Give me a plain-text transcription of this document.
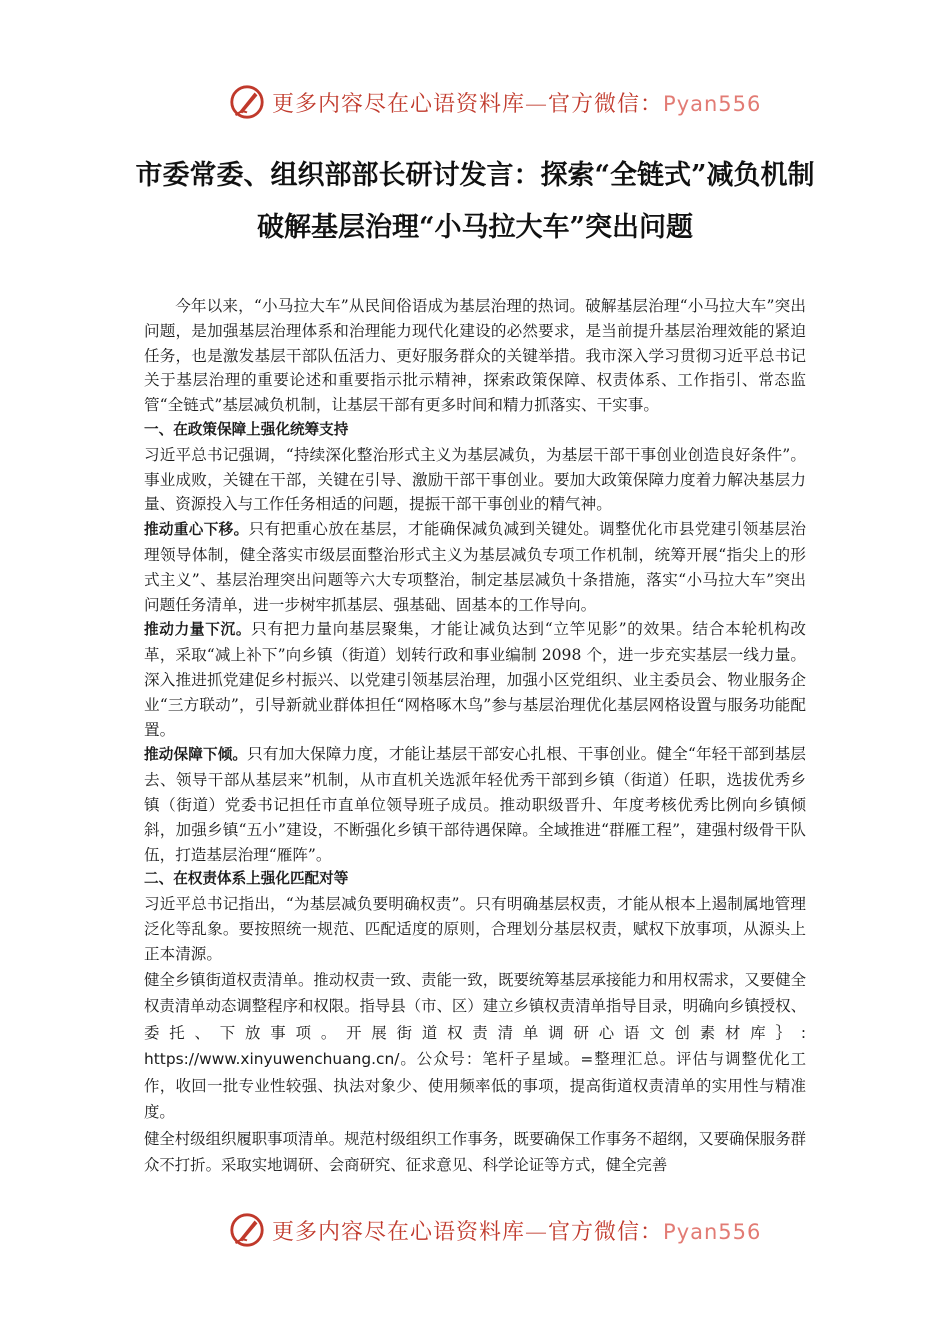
更多内容尽在心语资料库—官方微信：Pyan556
市委常委、组织部部长研讨发言：探索“全链式”减负机制　破解基层治理“小马拉大车”突出问题

今年以来，“小马拉大车”从民间俗语成为基层治理的热词。破解基层治理“小马拉大车”突出问题，是加强基层治理体系和治理能力现代化建设的必然要求，是当前提升基层治理效能的紧迫任务，也是激发基层干部队伍活力、更好服务群众的关键举措。我市深入学习贯彻习近平总书记关于基层治理的重要论述和重要指示批示精神，探索政策保障、权责体系、工作指引、常态监管“全链式”基层减负机制，让基层干部有更多时间和精力抓落实、干实事。

一、在政策保障上强化统筹支持

习近平总书记强调，“持续深化整治形式主义为基层减负，为基层干部干事创业创造良好条件”。事业成败，关键在干部，关键在引导、激励干部干事创业。要加大政策保障力度着力解决基层力量、资源投入与工作任务相适的问题，提振干部干事创业的精气神。

推动重心下移。只有把重心放在基层，才能确保减负减到关键处。调整优化市县党建引领基层治理领导体制，健全落实市级层面整治形式主义为基层减负专项工作机制，统筹开展“指尖上的形式主义”、基层治理突出问题等六大专项整治，制定基层减负十条措施，落实“小马拉大车”突出问题任务清单，进一步树牢抓基层、强基础、固基本的工作导向。

推动力量下沉。只有把力量向基层聚集，才能让减负达到“立竿见影”的效果。结合本轮机构改革，采取“减上补下”向乡镇（街道）划转行政和事业编制 2098 个，进一步充实基层一线力量。深入推进抓党建促乡村振兴、以党建引领基层治理，加强小区党组织、业主委员会、物业服务企业“三方联动”，引导新就业群体担任“网格啄木鸟”参与基层治理优化基层网格设置与服务功能配置。

推动保障下倾。只有加大保障力度，才能让基层干部安心扎根、干事创业。健全“年轻干部到基层去、领导干部从基层来”机制，从市直机关选派年轻优秀干部到乡镇（街道）任职，选拔优秀乡镇（街道）党委书记担任市直单位领导班子成员。推动职级晋升、年度考核优秀比例向乡镇倾斜，加强乡镇“五小”建设，不断强化乡镇干部待遇保障。全域推进“群雁工程”，建强村级骨干队伍，打造基层治理“雁阵”。

二、在权责体系上强化匹配对等

习近平总书记指出，“为基层减负要明确权责”。只有明确基层权责，才能从根本上遏制属地管理泛化等乱象。要按照统一规范、匹配适度的原则，合理划分基层权责，赋权下放事项，从源头上正本清源。

健全乡镇街道权责清单。推动权责一致、责能一致，既要统筹基层承接能力和用权需求，又要健全权责清单动态调整程序和权限。指导县（市、区）建立乡镇权责清单指导目录，明确向乡镇授权、委托、下放事项。开展街道权责清单调研心语文创素材库｝: https://www.xinyuwenchuang.cn/。公众号：笔杆子星域。=整理汇总。评估与调整优化工作，收回一批专业性较强、执法对象少、使用频率低的事项，提高街道权责清单的实用性与精准度。

健全村级组织履职事项清单。规范村级组织工作事务，既要确保工作事务不超纲，又要确保服务群众不打折。采取实地调研、会商研究、征求意见、科学论证等方式，健全完善

更多内容尽在心语资料库—官方微信：Pyan556
